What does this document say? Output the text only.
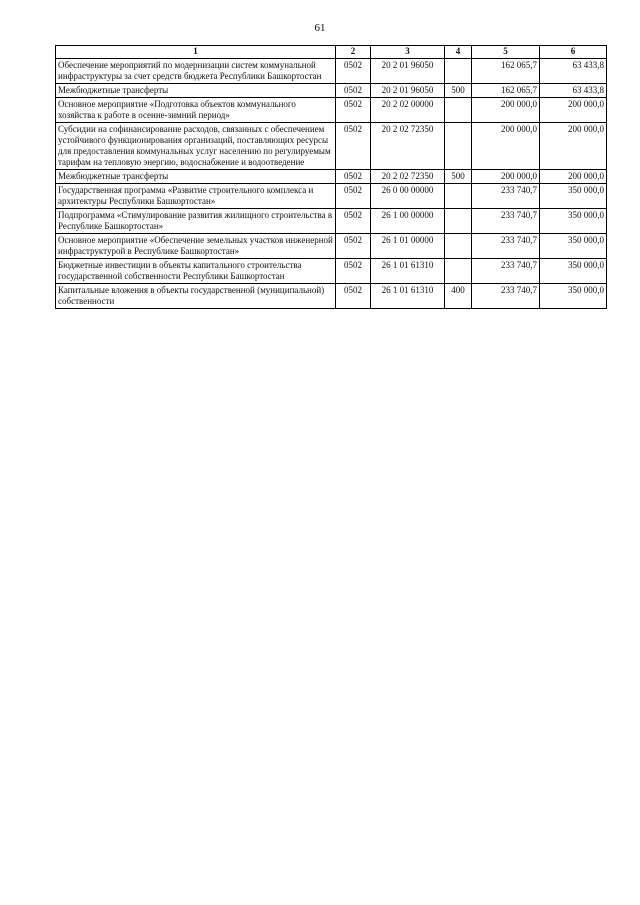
61
1	2	3	4	5	6
Обеспечение мероприятий по модернизации систем коммунальной инфраструктуры за счет средств бюджета Республики Башкортостан	0502	20 2 01 96050		162 065,7	63 433,8
Межбюджетные трансферты	0502	20 2 01 96050	500	162 065,7	63 433,8
Основное мероприятие «Подготовка объектов коммунального хозяйства к работе в осенне-зимний период»	0502	20 2 02 00000		200 000,0	200 000,0
Субсидии на софинансирование расходов, связанных с обеспечением устойчивого функционирования организаций, поставляющих ресурсы для предоставления коммунальных услуг населению по регулируемым тарифам на тепловую энергию, водоснабжение и водоотведение	0502	20 2 02 72350		200 000,0	200 000,0
Межбюджетные трансферты	0502	20 2 02 72350	500	200 000,0	200 000,0
Государственная программа «Развитие строительного комплекса и архитектуры Республики Башкортостан»	0502	26 0 00 00000		233 740,7	350 000,0
Подпрограмма «Стимулирование развития жилищного строительства в Республике Башкортостан»	0502	26 1 00 00000		233 740,7	350 000,0
Основное мероприятие «Обеспечение земельных участков инженерной инфраструктурой в Республике Башкортостан»	0502	26 1 01 00000		233 740,7	350 000,0
Бюджетные инвестиции в объекты капитального строительства государственной собственности Республики Башкортостан	0502	26 1 01 61310		233 740,7	350 000,0
Капитальные вложения в объекты государственной (муниципальной) собственности	0502	26 1 01 61310	400	233 740,7	350 000,0
